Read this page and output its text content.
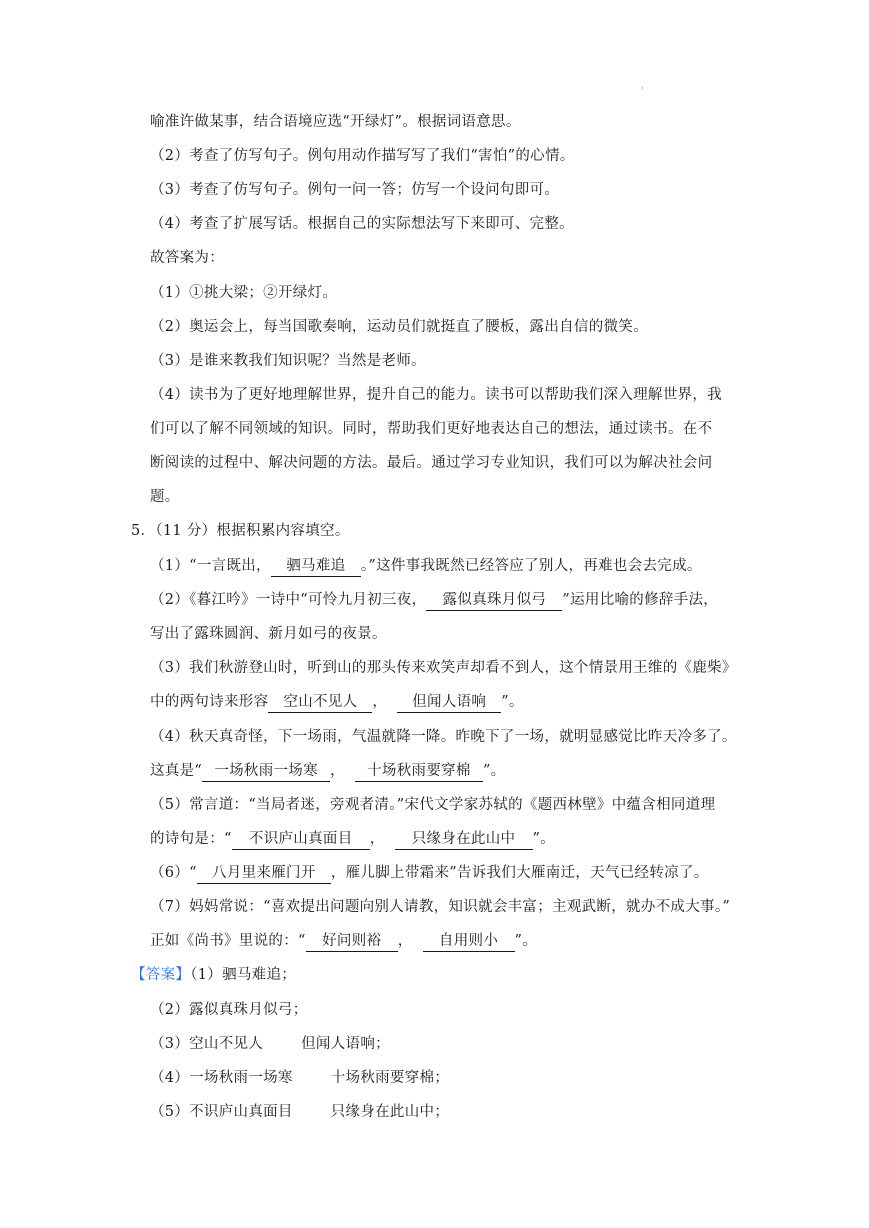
·
喻准许做某事，结合语境应选“开绿灯”。根据词语意思。
（2）考查了仿写句子。例句用动作描写写了我们“害怕”的心情。
（3）考查了仿写句子。例句一问一答；仿写一个设问句即可。
（4）考查了扩展写话。根据自己的实际想法写下来即可、完整。
故答案为：
（1）①挑大梁；②开绿灯。
（2）奥运会上，每当国歌奏响，运动员们就挺直了腰板，露出自信的微笑。
（3）是谁来教我们知识呢？当然是老师。
（4）读书为了更好地理解世界，提升自己的能力。读书可以帮助我们深入理解世界，我
们可以了解不同领域的知识。同时，帮助我们更好地表达自己的想法，通过读书。在不
断阅读的过程中、解决问题的方法。最后。通过学习专业知识，我们可以为解决社会问
题。
5．（11 分）根据积累内容填空。
（1）“一言既出， 驷马难追 。”这件事我既然已经答应了别人，再难也会去完成。
（2）《暮江吟》一诗中“可怜九月初三夜， 露似真珠月似弓 ”运用比喻的修辞手法，
写出了露珠圆润、新月如弓的夜景。
（3）我们秋游登山时，听到山的那头传来欢笑声却看不到人，这个情景用王维的《鹿柴》
中的两句诗来形容 空山不见人 ， 但闻人语响 ”。
（4）秋天真奇怪，下一场雨，气温就降一降。昨晚下了一场，就明显感觉比昨天冷多了。
这真是“ 一场秋雨一场寒 ， 十场秋雨要穿棉 ”。
（5）常言道：“当局者迷，旁观者清。”宋代文学家苏轼的《题西林壁》中蕴含相同道理
的诗句是：“ 不识庐山真面目 ， 只缘身在此山中 ”。
（6）“ 八月里来雁门开 ，雁儿脚上带霜来”告诉我们大雁南迁，天气已经转凉了。
（7）妈妈常说：“喜欢提出问题向别人请教，知识就会丰富；主观武断，就办不成大事。”
正如《尚书》里说的：“ 好问则裕 ， 自用则小 ”。
【答案】（1）驷马难追；
（2）露似真珠月似弓；
（3）空山不见人	但闻人语响；
（4）一场秋雨一场寒	十场秋雨要穿棉；
（5）不识庐山真面目	只缘身在此山中；
